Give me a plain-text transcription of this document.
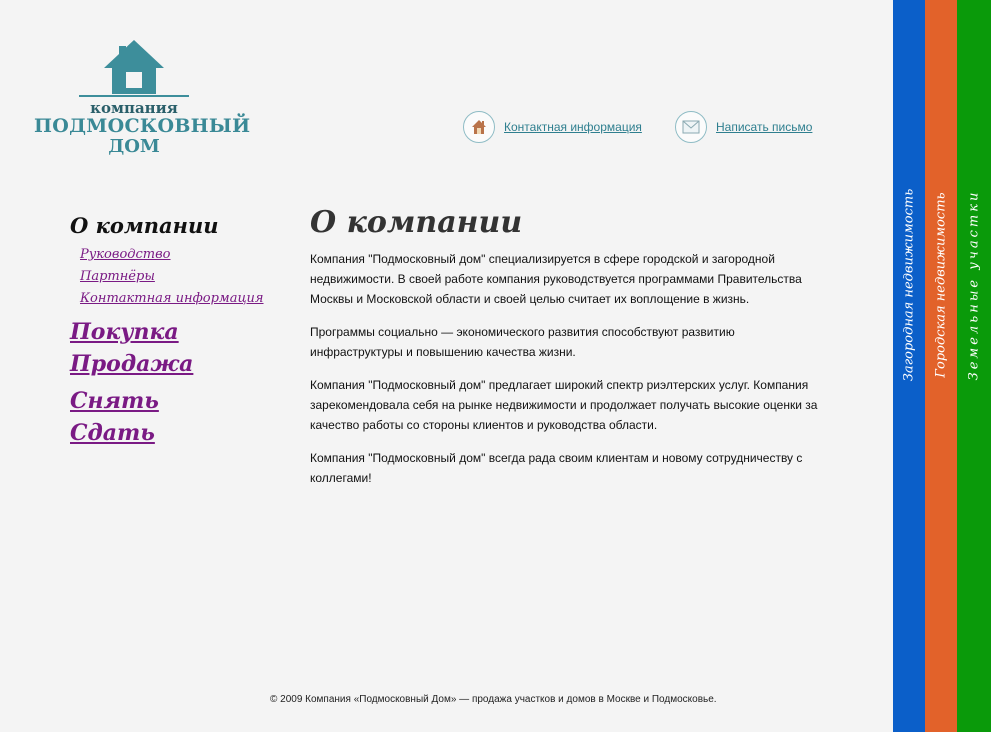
компания
ПОДМОСКОВНЫЙ
ДОМ
Контактная информация	Написать письмо
О компании
Руководство
Партнёры
Контактная информация
Покупка
Продажа
Снять
Сдать
О компании

Компания "Подмосковный дом" специализируется в сфере городской и загородной недвижимости. В своей работе компания руководствуется программами Правительства Москвы и Московской области и своей целью считает их воплощение в жизнь.

Программы социально — экономического развития способствуют развитию инфраструктуры и повышению качества жизни.

Компания "Подмосковный дом" предлагает широкий спектр риэлтерских услуг. Компания зарекомендовала себя на рынке недвижимости и продолжает получать высокие оценки за качество работы со стороны клиентов и руководства области.

Компания "Подмосковный дом" всегда рада своим клиентам и новому сотрудничеству с коллегами!

© 2009 Компания «Подмосковный Дом» — продажа участков и домов в Москве и Подмосковье.
Загородная недвижимость Городская недвижимость Земельные участки
